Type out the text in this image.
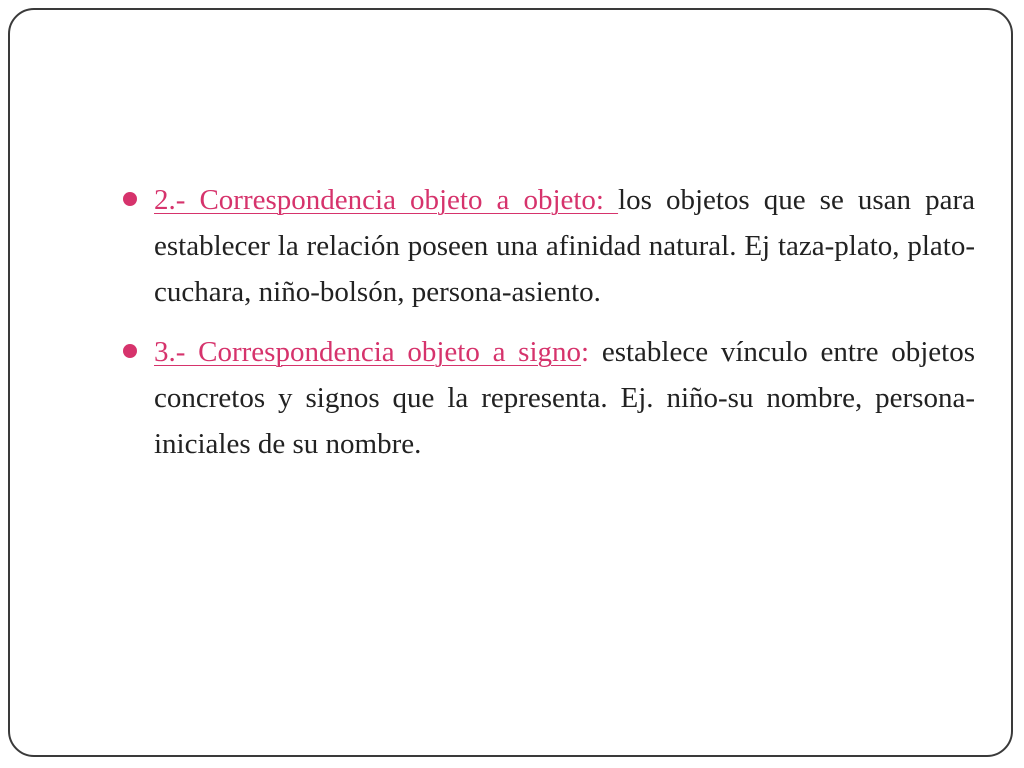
2.- Correspondencia objeto a objeto: los objetos que se usan para establecer la relación poseen una afinidad natural. Ej taza-plato, plato-cuchara, niño-bolsón, persona-asiento.
3.- Correspondencia objeto a signo: establece vínculo entre objetos concretos y signos que la representa. Ej. niño-su nombre, persona-iniciales de su nombre.
